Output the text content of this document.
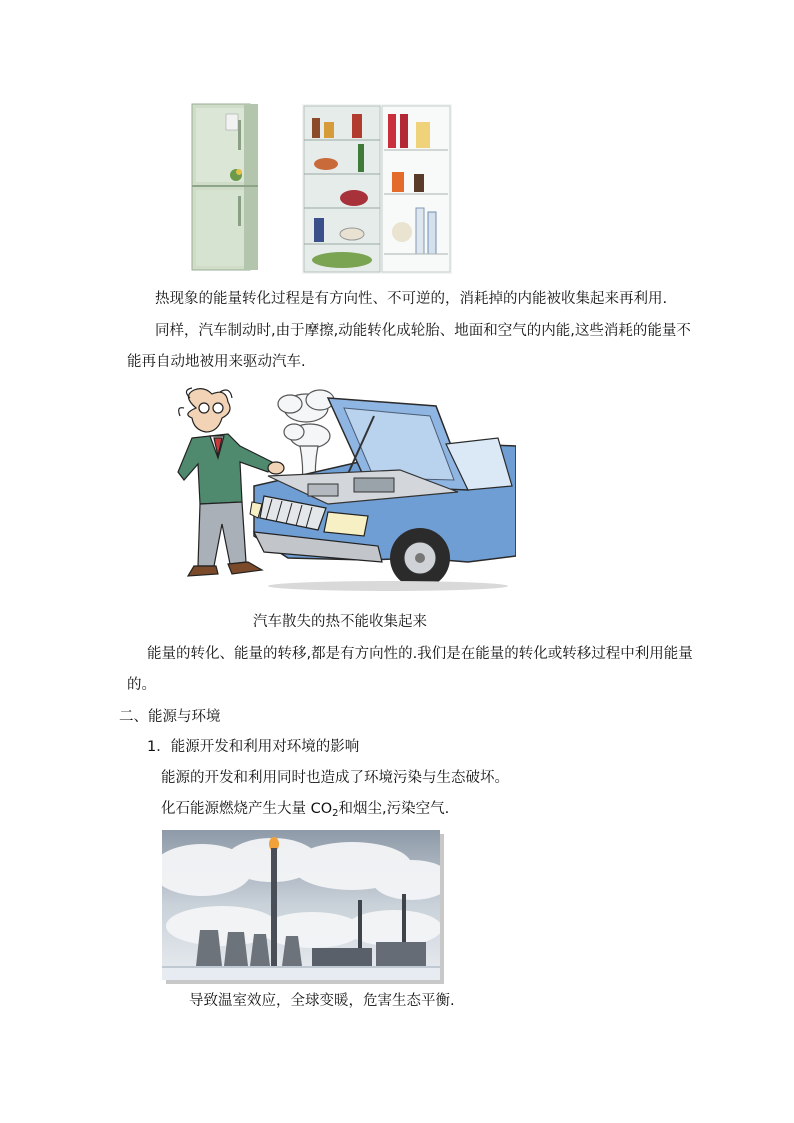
热现象的能量转化过程是有方向性、不可逆的，消耗掉的内能被收集起来再利用.
同样，汽车制动时,由于摩擦,动能转化成轮胎、地面和空气的内能,这些消耗的能量不
能再自动地被用来驱动汽车.
汽车散失的热不能收集起来
能量的转化、能量的转移,都是有方向性的.我们是在能量的转化或转移过程中利用能量
的。
二、能源与环境
1．能源开发和利用对环境的影响
能源的开发和利用同时也造成了环境污染与生态破坏。
化石能源燃烧产生大量 $CO_2$和烟尘,污染空气.
导致温室效应，全球变暖，危害生态平衡.
